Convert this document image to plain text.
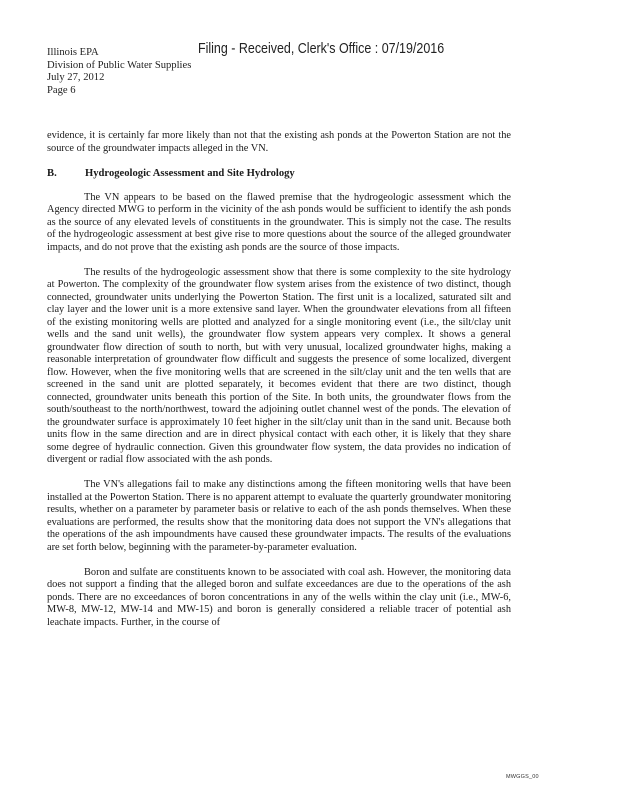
Filing - Received, Clerk's Office : 07/19/2016
Illinois EPA
Division of Public Water Supplies
July 27, 2012
Page 6

evidence, it is certainly far more likely than not that the existing ash ponds at the Powerton Station are not the source of the groundwater impacts alleged in the VN.

B.	Hydrogeologic Assessment and Site Hydrology

The VN appears to be based on the flawed premise that the hydrogeologic assessment which the Agency directed MWG to perform in the vicinity of the ash ponds would be sufficient to identify the ash ponds as the source of any elevated levels of constituents in the groundwater. This is simply not the case. The results of the hydrogeologic assessment at best give rise to more questions about the source of the alleged groundwater impacts, and do not prove that the existing ash ponds are the source of those impacts.

The results of the hydrogeologic assessment show that there is some complexity to the site hydrology at Powerton. The complexity of the groundwater flow system arises from the existence of two distinct, though connected, groundwater units underlying the Powerton Station. The first unit is a localized, saturated silt and clay layer and the lower unit is a more extensive sand layer. When the groundwater elevations from all fifteen of the existing monitoring wells are plotted and analyzed for a single monitoring event (i.e., the silt/clay unit wells and the sand unit wells), the groundwater flow system appears very complex. It shows a general groundwater flow direction of south to north, but with very unusual, localized groundwater highs, making a reasonable interpretation of groundwater flow difficult and suggests the presence of some localized, divergent flow. However, when the five monitoring wells that are screened in the silt/clay unit and the ten wells that are screened in the sand unit are plotted separately, it becomes evident that there are two distinct, though connected, groundwater units beneath this portion of the Site. In both units, the groundwater flows from the south/southeast to the north/northwest, toward the adjoining outlet channel west of the ponds. The elevation of the groundwater surface is approximately 10 feet higher in the silt/clay unit than in the sand unit. Because both units flow in the same direction and are in direct physical contact with each other, it is likely that they share some degree of hydraulic connection. Given this groundwater flow system, the data provides no indication of divergent or radial flow associated with the ash ponds.

The VN's allegations fail to make any distinctions among the fifteen monitoring wells that have been installed at the Powerton Station. There is no apparent attempt to evaluate the quarterly groundwater monitoring results, whether on a parameter by parameter basis or relative to each of the ash ponds themselves. When these evaluations are performed, the results show that the monitoring data does not support the VN's allegations that the operations of the ash impoundments have caused these groundwater impacts. The results of the evaluations are set forth below, beginning with the parameter-by-parameter evaluation.

Boron and sulfate are constituents known to be associated with coal ash. However, the monitoring data does not support a finding that the alleged boron and sulfate exceedances are due to the operations of the ash ponds. There are no exceedances of boron concentrations in any of the wells within the clay unit (i.e., MW-6, MW-8, MW-12, MW-14 and MW-15) and boron is generally considered a reliable tracer of potential ash leachate impacts. Further, in the course of

MWGGS_00
